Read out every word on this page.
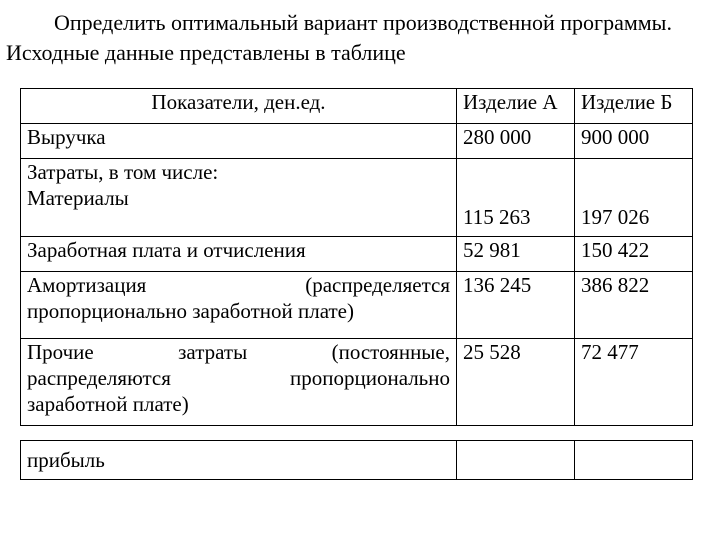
Определить оптимальный вариант производственной программы.
Исходные данные представлены в таблице
Показатели, ден.ед.	Изделие А	Изделие Б
Выручка	280 000	900 000

Затраты, в том числе:
Материалы	115 263	197 026
Заработная плата и отчисления	52 981	150 422

Амортизация (распределяется
пропорционально заработной плате)	136 245	386 822

Прочие затраты (постоянные,
распределяются пропорционально
заработной плате)	25 528	72 477
прибыль		
